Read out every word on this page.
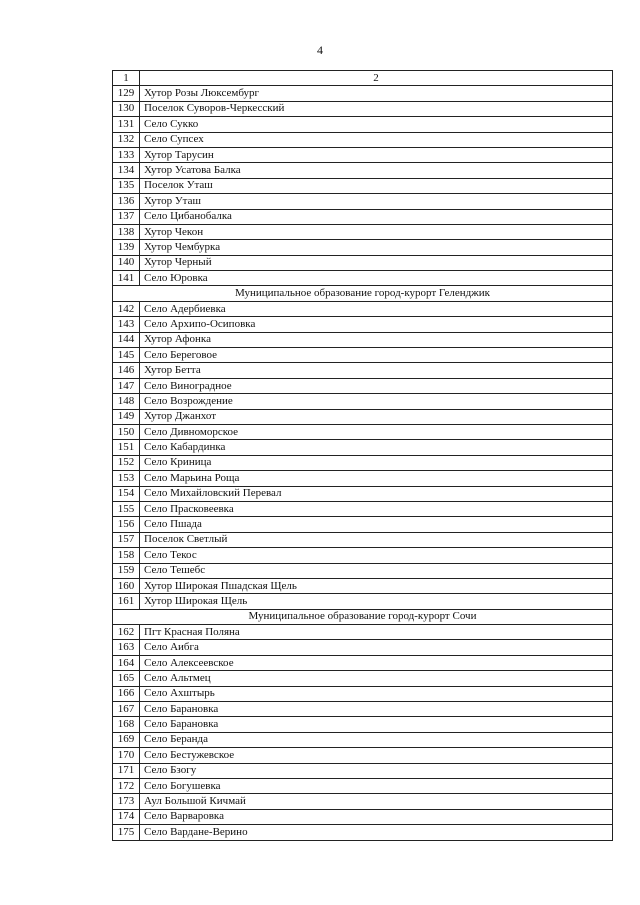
4
1	2
129	Хутор Розы Люксембург
130	Поселок Суворов-Черкесский
131	Село Сукко
132	Село Супсех
133	Хутор Тарусин
134	Хутор Усатова Балка
135	Поселок Уташ
136	Хутор Уташ
137	Село Цибанобалка
138	Хутор Чекон
139	Хутор Чембурка
140	Хутор Черный
141	Село Юровка
Муниципальное образование город-курорт Геленджик	
142	Село Адербиевка
143	Село Архипо-Осиповка
144	Хутор Афонка
145	Село Береговое
146	Хутор Бетта
147	Село Виноградное
148	Село Возрождение
149	Хутор Джанхот
150	Село Дивноморское
151	Село Кабардинка
152	Село Криница
153	Село Марьина Роща
154	Село Михайловский Перевал
155	Село Прасковеевка
156	Село Пшада
157	Поселок Светлый
158	Село Текос
159	Село Тешебс
160	Хутор Широкая Пшадская Щель
161	Хутор Широкая Щель
Муниципальное образование город-курорт Сочи	
162	Пгт Красная Поляна
163	Село Аибга
164	Село Алексеевское
165	Село Альтмец
166	Село Ахштырь
167	Село Барановка
168	Село Барановка
169	Село Беранда
170	Село Бестужевское
171	Село Бзогу
172	Село Богушевка
173	Аул Большой Кичмай
174	Село Варваровка
175	Село Вардане-Верино
